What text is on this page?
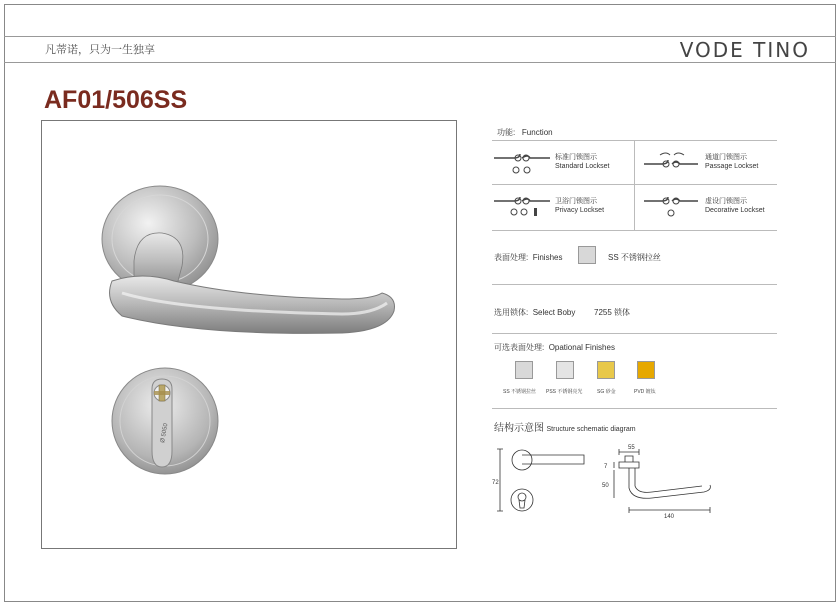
凡蒂诺，只为一生独享	VODE TINO
AF01/506SS
Ø 5050
功能: Function
标准门锁图示
Standard Lockset
通道门锁图示
Passage Lockset
卫浴门锁图示
Privacy Lockset
虚设门锁图示
Decorative Lockset
表面处理: Finishes	SS 不锈钢拉丝
选用锁体: Select Boby	7255 锁体
可选表面处理: Opational Finishes
SS 不锈钢拉丝 PSS 不锈钢亮光	SG 砂金	PVD 镀钛
结构示意图 Structure schematic diagram
55
7
50
72
140
